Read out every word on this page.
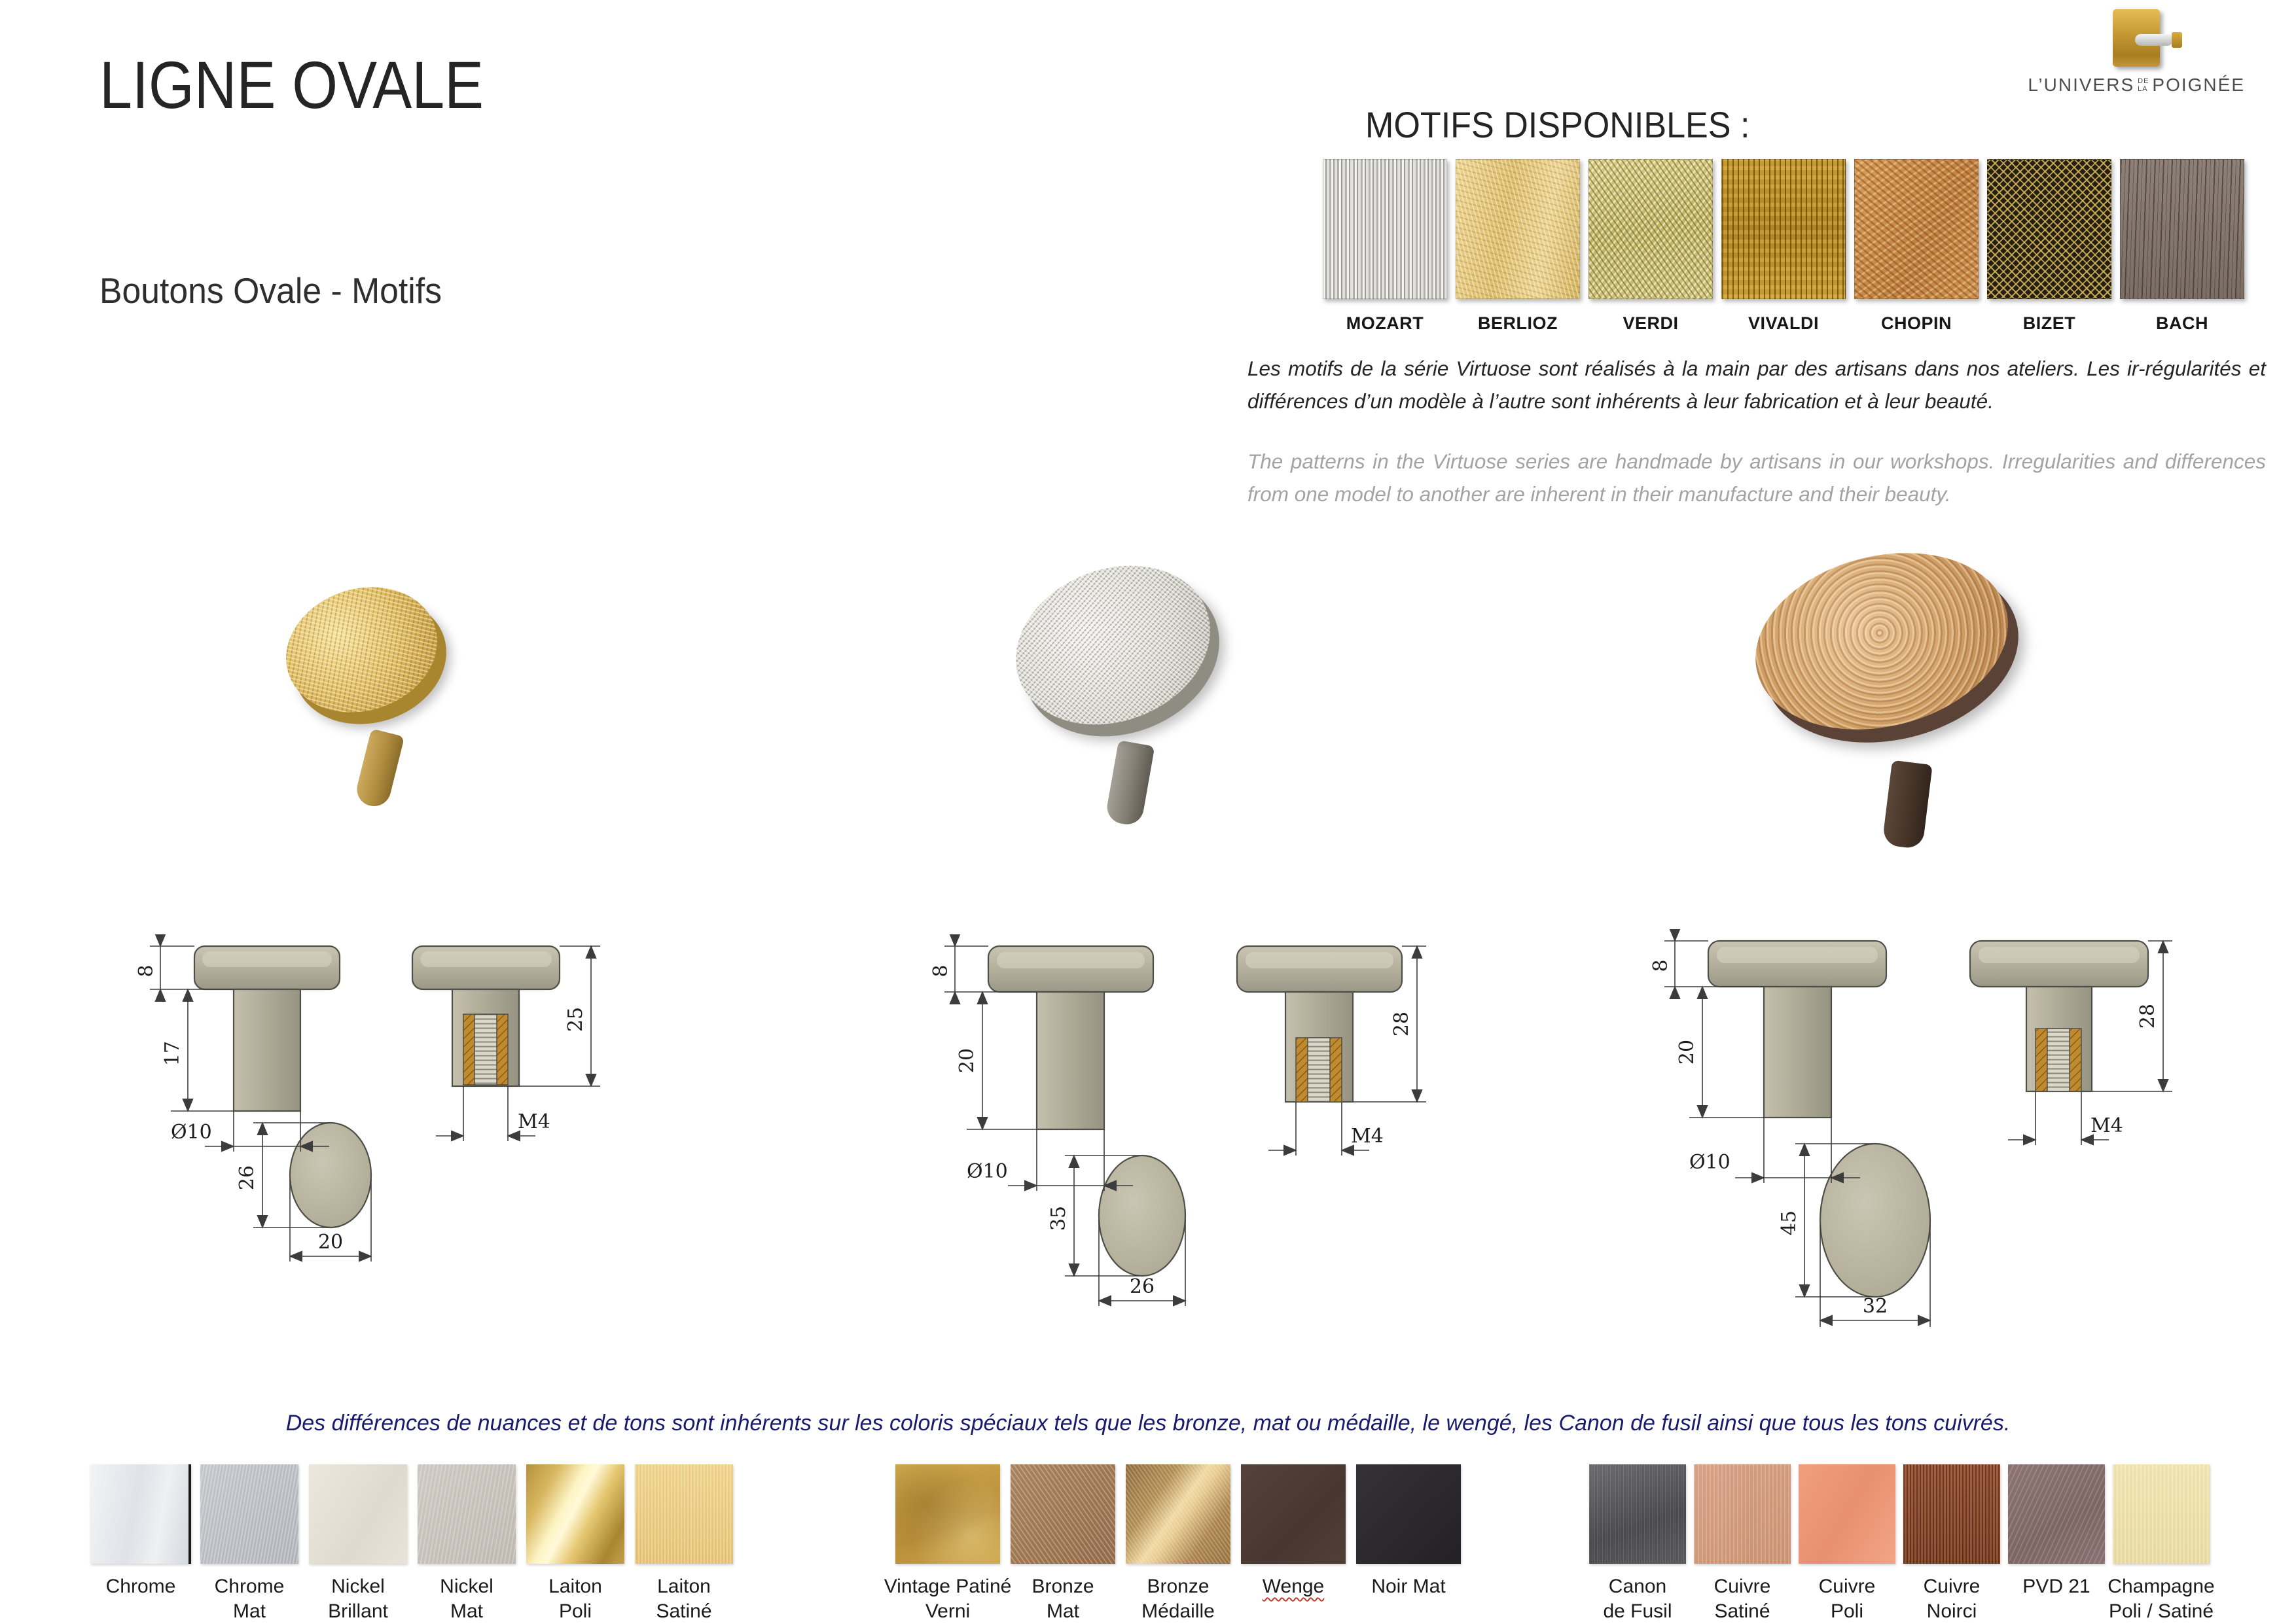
LIGNE OVALE
Boutons Ovale - Motifs
L’UNIVERS DE
LA POIGNÉE
MOTIFS DISPONIBLES :
MOZART	BERLIOZ	VERDI	VIVALDI	CHOPIN	BIZET	BACH
Les motifs de la série Virtuose sont réalisés à la main par des artisans dans nos ateliers. Les ir-régularités et différences d’un modèle à l’autre sont inhérents à leur fabrication et à leur beauté.
The patterns in the Virtuose series are handmade by artisans in our workshops. Irregularities and differences from one model to another are inherent in their manufacture and their beauty.
8
17
Ø10
25
M4
26
20
8
20
Ø10
28
M4
35
26
8
20
Ø10
28
M4
45
32
Des différences de nuances et de tons sont inhérents sur les coloris spéciaux tels que les bronze, mat ou médaille, le wengé, les Canon de fusil ainsi que tous les tons cuivrés.
Chrome Chrome
Mat
Nickel
Brillant
Nickel
Mat
Laiton
Poli
Laiton
Satiné
Vintage Patiné
Verni
Bronze
Mat
Bronze
Médaille
Wenge Noir Mat	Canon
de Fusil
Cuivre
Satiné
Cuivre
Poli
Cuivre
Noirci
PVD 21 Champagne
Poli / Satiné
